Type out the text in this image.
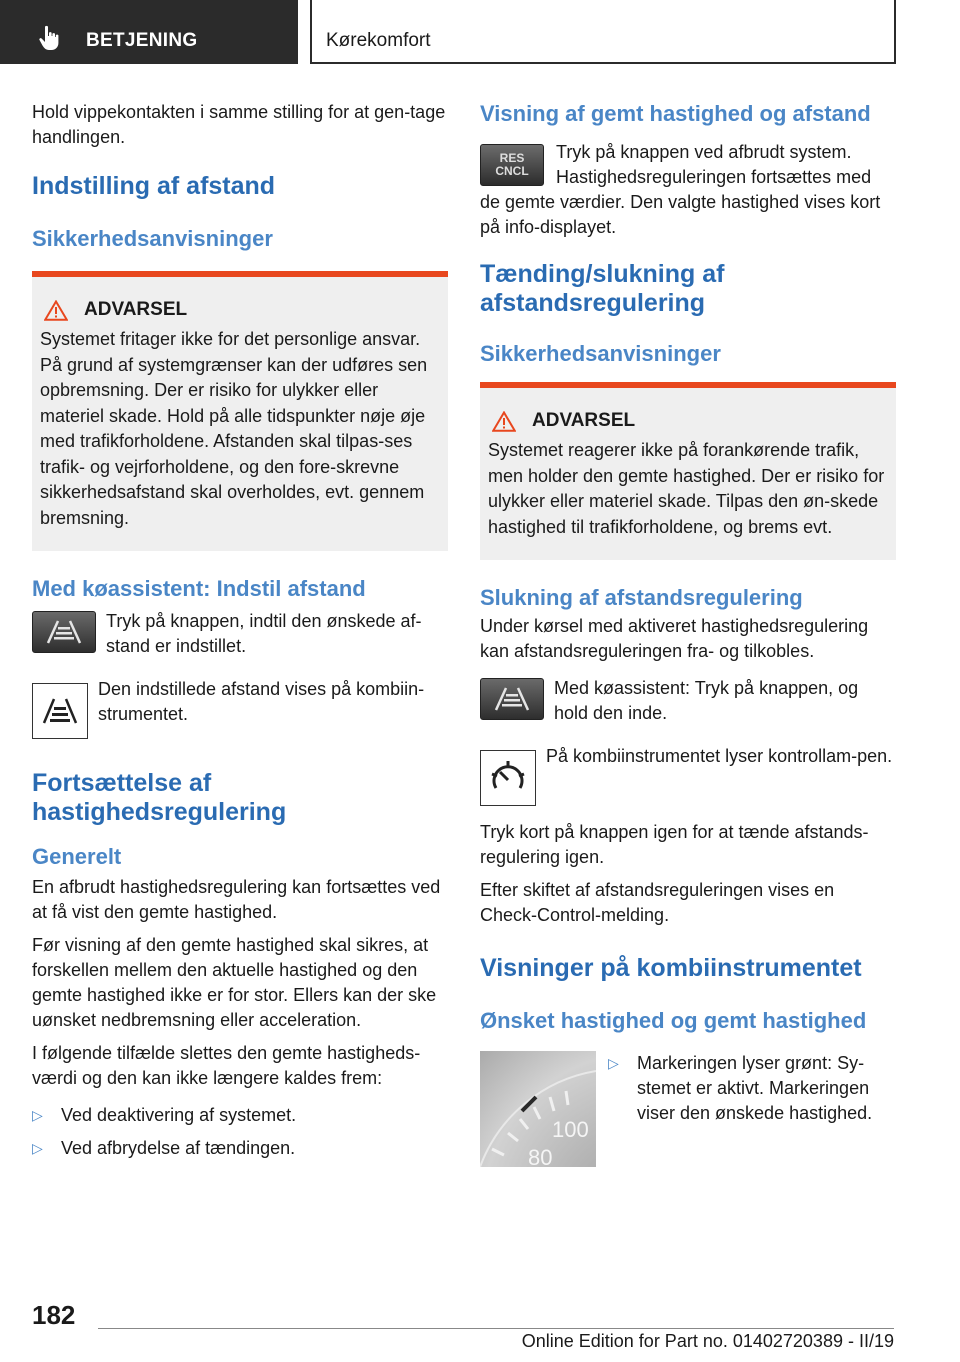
BETJENING	Kørekomfort

Hold vippekontakten i samme stilling for at gen-tage handlingen.

Indstilling af afstand
Sikkerhedsanvisninger
ADVARSEL

Systemet fritager ikke for det personlige ansvar. På grund af systemgrænser kan der udføres sen opbremsning. Der er risiko for ulykker eller materiel skade. Hold på alle tidspunkter nøje øje med trafikforholdene. Afstanden skal tilpas-ses trafik- og vejrforholdene, og den fore-skrevne sikkerhedsafstand skal overholdes, evt. gennem bremsning.

Med køassistent: Indstil afstand

Tryk på knappen, indtil den ønskede af-stand er indstillet.

Den indstillede afstand vises på kombiin-strumentet.

Fortsættelse af hastighedsregulering
Generelt

En afbrudt hastighedsregulering kan fortsættes ved at få vist den gemte hastighed.

Før visning af den gemte hastighed skal sikres, at forskellen mellem den aktuelle hastighed og den gemte hastighed ikke er for stor. Ellers kan der ske uønsket nedbremsning eller acceleration.

I følgende tilfælde slettes den gemte hastigheds-værdi og den kan ikke længere kaldes frem:

▷ Ved deaktivering af systemet.
▷ Ved afbrydelse af tændingen.
Visning af gemt hastighed og afstand
RES
CNCL

Tryk på knappen ved afbrudt system. Hastighedsreguleringen fortsættes med de gemte værdier. Den valgte hastighed vises kort på info-displayet.

Tænding/slukning af afstandsregulering
Sikkerhedsanvisninger
ADVARSEL

Systemet reagerer ikke på forankørende trafik, men holder den gemte hastighed. Der er risiko for ulykker eller materiel skade. Tilpas den øn-skede hastighed til trafikforholdene, og brems evt.

Slukning af afstandsregulering

Under kørsel med aktiveret hastighedsregulering kan afstandsreguleringen fra- og tilkobles.

Med køassistent: Tryk på knappen, og hold den inde.

På kombiinstrumentet lyser kontrollam-pen.

Tryk kort på knappen igen for at tænde afstands-regulering igen.

Efter skiftet af afstandsreguleringen vises en Check-Control-melding.

Visninger på kombiinstrumentet
Ønsket hastighed og gemt hastighed
100
80
▷ Markeringen lyser grønt: Sy-stemet er aktivt. Markeringen viser den ønskede hastighed.
182
Online Edition for Part no. 01402720389 - II/19
